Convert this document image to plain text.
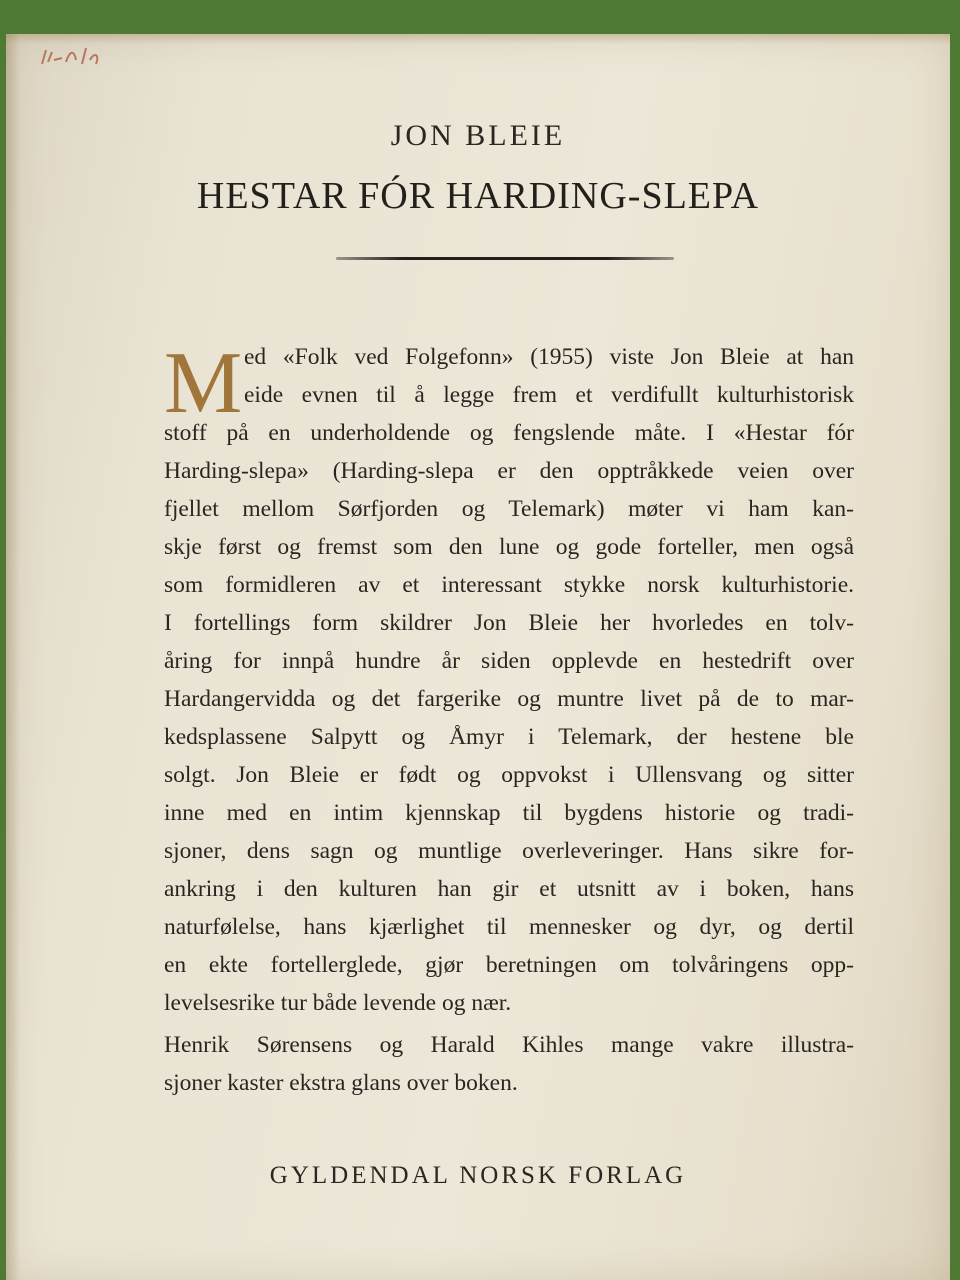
JON BLEIE
HESTAR FÓR HARDING-SLEPA
M ed «Folk ved Folgefonn» (1955) viste Jon Bleie at han
eide evnen til å legge frem et verdifullt kulturhistorisk
stoff på en underholdende og fengslende måte. I «Hestar fór
Harding-slepa» (Harding-slepa er den opptråkkede veien over
fjellet mellom Sørfjorden og Telemark) møter vi ham kan-
skje først og fremst som den lune og gode forteller, men også
som formidleren av et interessant stykke norsk kulturhistorie.
I fortellings form skildrer Jon Bleie her hvorledes en tolv-
åring for innpå hundre år siden opplevde en hestedrift over
Hardangervidda og det fargerike og muntre livet på de to mar-
kedsplassene Salpytt og Åmyr i Telemark, der hestene ble
solgt. Jon Bleie er født og oppvokst i Ullensvang og sitter
inne med en intim kjennskap til bygdens historie og tradi-
sjoner, dens sagn og muntlige overleveringer. Hans sikre for-
ankring i den kulturen han gir et utsnitt av i boken, hans
naturfølelse, hans kjærlighet til mennesker og dyr, og dertil
en ekte fortellerglede, gjør beretningen om tolvåringens opp-
levelsesrike tur både levende og nær.
Henrik Sørensens og Harald Kihles mange vakre illustra-
sjoner kaster ekstra glans over boken.
GYLDENDAL NORSK FORLAG
